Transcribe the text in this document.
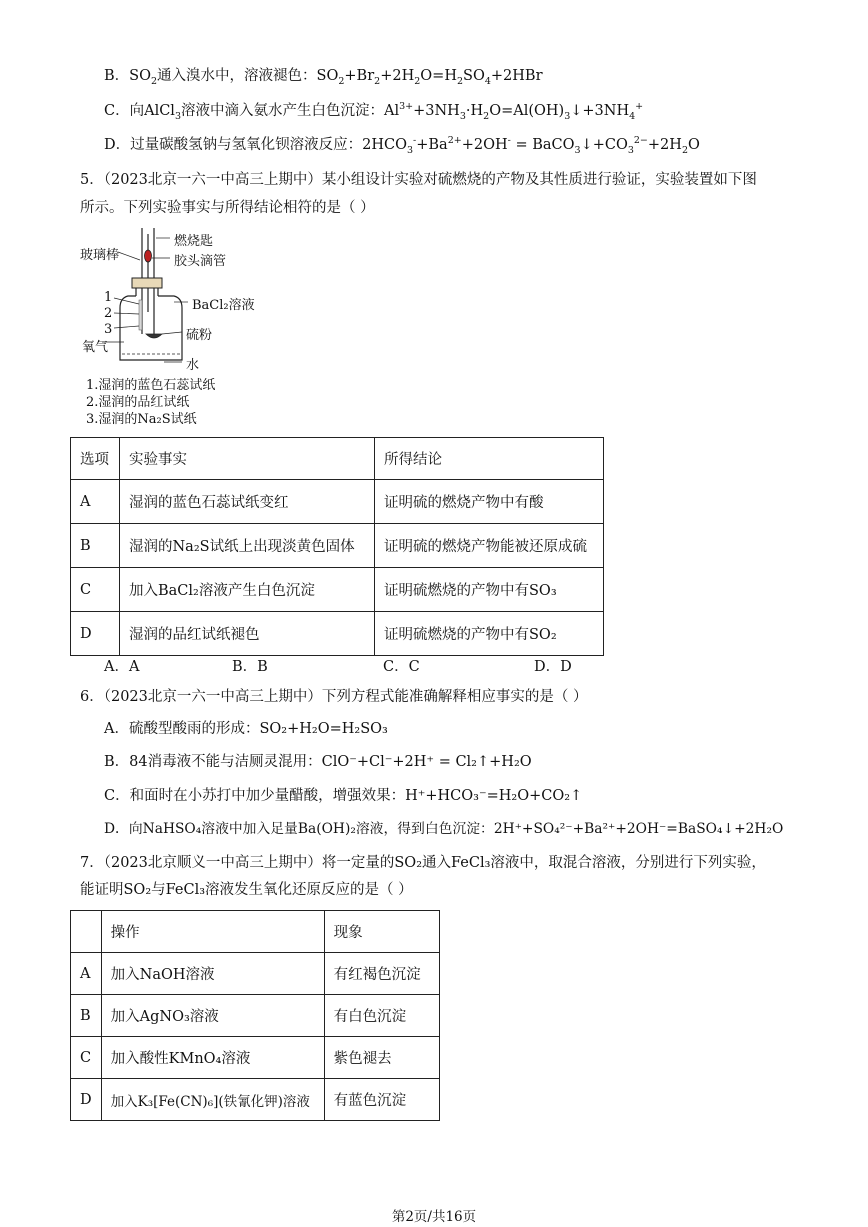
B．$SO_2$通入溴水中，溶液褪色：$SO_2+Br_2+2H_2O=H_2SO_4+2HBr$
C．向AlCl$_3$溶液中滴入氨水产生白色沉淀：$Al^{3+}+3NH_3\cdot H_2O=Al(OH)_3↓+3NH_4^+$
D．过量碳酸氢钠与氢氧化钡溶液反应：$2HCO_3^-+Ba^{2+}+2OH^-$ = $BaCO_3↓+CO_3^{2-}+2H_2O$
5．（2023北京一六一中高三上期中）某小组设计实验对硫燃烧的产物及其性质进行验证，实验装置如下图
所示。下列实验事实与所得结论相符的是（ ）
玻璃棒
燃烧匙
胶头滴管
1
2
3
BaCl₂溶液
氧气
硫粉
水
1.湿润的蓝色石蕊试纸
2.湿润的品红试纸
3.湿润的Na₂S试纸
选项	实验事实	所得结论
A	湿润的蓝色石蕊试纸变红	证明硫的燃烧产物中有酸
B	湿润的Na₂S试纸上出现淡黄色固体	证明硫的燃烧产物能被还原成硫
C	加入BaCl₂溶液产生白色沉淀	证明硫燃烧的产物中有SO₃
D	湿润的品红试纸褪色	证明硫燃烧的产物中有SO₂
A．A	B．B	C．C	D．D
6．（2023北京一六一中高三上期中）下列方程式能准确解释相应事实的是（ ）
A．硫酸型酸雨的形成：SO₂+H₂O=H₂SO₃
B．84消毒液不能与洁厕灵混用：ClO⁻+Cl⁻+2H⁺ = Cl₂↑+H₂O
C．和面时在小苏打中加少量醋酸，增强效果：H⁺+HCO₃⁻=H₂O+CO₂↑
D．向NaHSO₄溶液中加入足量Ba(OH)₂溶液，得到白色沉淀：2H⁺+SO₄²⁻+Ba²⁺+2OH⁻=BaSO₄↓+2H₂O
7．（2023北京顺义一中高三上期中）将一定量的SO₂通入FeCl₃溶液中，取混合溶液，分别进行下列实验，
能证明SO₂与FeCl₃溶液发生氧化还原反应的是（ ）
	操作	现象
A	加入NaOH溶液	有红褐色沉淀
B	加入AgNO₃溶液	有白色沉淀
C	加入酸性KMnO₄溶液	紫色褪去
D	加入K₃[Fe(CN)₆](铁氰化钾)溶液	有蓝色沉淀
第2页/共16页
